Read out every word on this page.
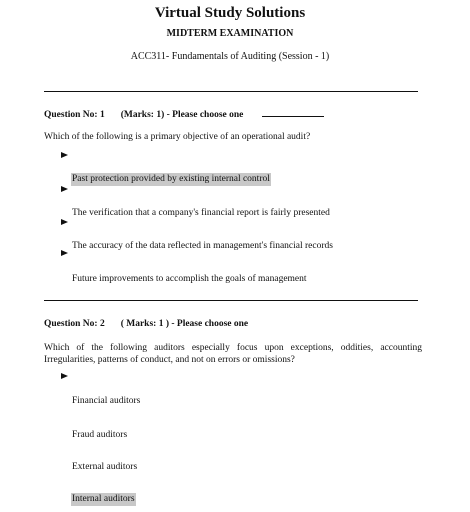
Virtual Study Solutions
MIDTERM EXAMINATION
ACC311- Fundamentals of Auditing (Session - 1)
Question No: 1 (Marks: 1) - Please choose one
Which of the following is a primary objective of an operational audit?
Past protection provided by existing internal control
The verification that a company's financial report is fairly presented
The accuracy of the data reflected in management's financial records
Future improvements to accomplish the goals of management
Question No: 2 ( Marks: 1 ) - Please choose one
Which of the following auditors especially focus upon exceptions, oddities, accounting Irregularities, patterns of conduct, and not on errors or omissions?
Financial auditors
Fraud auditors
External auditors
Internal auditors
